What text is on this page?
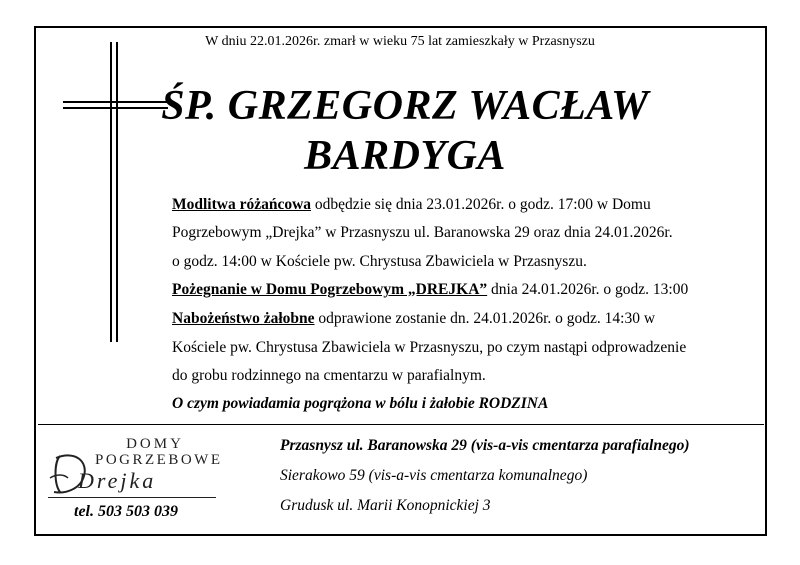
W dniu 22.01.2026r. zmarł w wieku 75 lat zamieszkały w Przasnyszu
ŚP. GRZEGORZ WACŁAW
BARDYGA
Modlitwa różańcowa odbędzie się dnia 23.01.2026r. o godz. 17:00 w Domu
Pogrzebowym „Drejka” w Przasnyszu ul. Baranowska 29 oraz dnia 24.01.2026r.
o godz. 14:00 w Kościele pw. Chrystusa Zbawiciela w Przasnyszu.
Pożegnanie w Domu Pogrzebowym „DREJKA” dnia 24.01.2026r. o godz. 13:00
Nabożeństwo żałobne odprawione zostanie dn. 24.01.2026r. o godz. 14:30 w
Kościele pw. Chrystusa Zbawiciela w Przasnyszu, po czym nastąpi odprowadzenie
do grobu rodzinnego na cmentarzu w parafialnym.
O czym powiadamia pogrążona w bólu i żałobie RODZINA
DOMY
POGRZEBOWE
Drejka
tel. 503 503 039
Przasnysz ul. Baranowska 29 (vis-a-vis cmentarza parafialnego)
Sierakowo 59 (vis-a-vis cmentarza komunalnego)
Grudusk ul. Marii Konopnickiej 3
